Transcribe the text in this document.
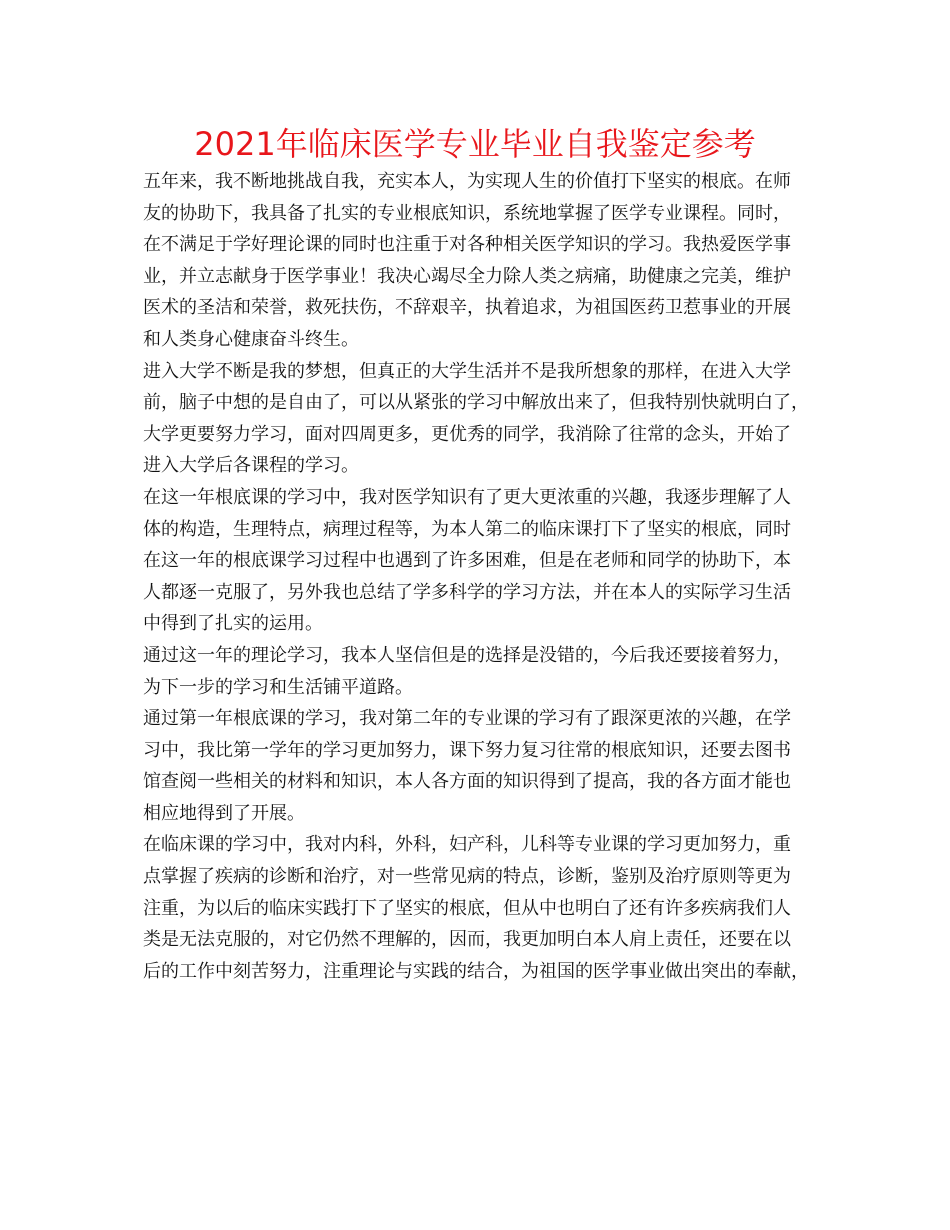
2021年临床医学专业毕业自我鉴定参考
五年来，我不断地挑战自我，充实本人，为实现人生的价值打下坚实的根底。在师
友的协助下，我具备了扎实的专业根底知识，系统地掌握了医学专业课程。同时，
在不满足于学好理论课的同时也注重于对各种相关医学知识的学习。我热爱医学事
业，并立志献身于医学事业！我决心竭尽全力除人类之病痛，助健康之完美，维护
医术的圣洁和荣誉，救死扶伤，不辞艰辛，执着追求，为祖国医药卫惹事业的开展
和人类身心健康奋斗终生。
进入大学不断是我的梦想，但真正的大学生活并不是我所想象的那样，在进入大学
前，脑子中想的是自由了，可以从紧张的学习中解放出来了，但我特别快就明白了，
大学更要努力学习，面对四周更多，更优秀的同学，我消除了往常的念头，开始了
进入大学后各课程的学习。
在这一年根底课的学习中，我对医学知识有了更大更浓重的兴趣，我逐步理解了人
体的构造，生理特点，病理过程等，为本人第二的临床课打下了坚实的根底，同时
在这一年的根底课学习过程中也遇到了许多困难，但是在老师和同学的协助下，本
人都逐一克服了，另外我也总结了学多科学的学习方法，并在本人的实际学习生活
中得到了扎实的运用。
通过这一年的理论学习，我本人坚信但是的选择是没错的，今后我还要接着努力，
为下一步的学习和生活铺平道路。
通过第一年根底课的学习，我对第二年的专业课的学习有了跟深更浓的兴趣，在学
习中，我比第一学年的学习更加努力，课下努力复习往常的根底知识，还要去图书
馆查阅一些相关的材料和知识，本人各方面的知识得到了提高，我的各方面才能也
相应地得到了开展。
在临床课的学习中，我对内科，外科，妇产科，儿科等专业课的学习更加努力，重
点掌握了疾病的诊断和治疗，对一些常见病的特点，诊断，鉴别及治疗原则等更为
注重，为以后的临床实践打下了坚实的根底，但从中也明白了还有许多疾病我们人
类是无法克服的，对它仍然不理解的，因而，我更加明白本人肩上责任，还要在以
后的工作中刻苦努力，注重理论与实践的结合，为祖国的医学事业做出突出的奉献，
